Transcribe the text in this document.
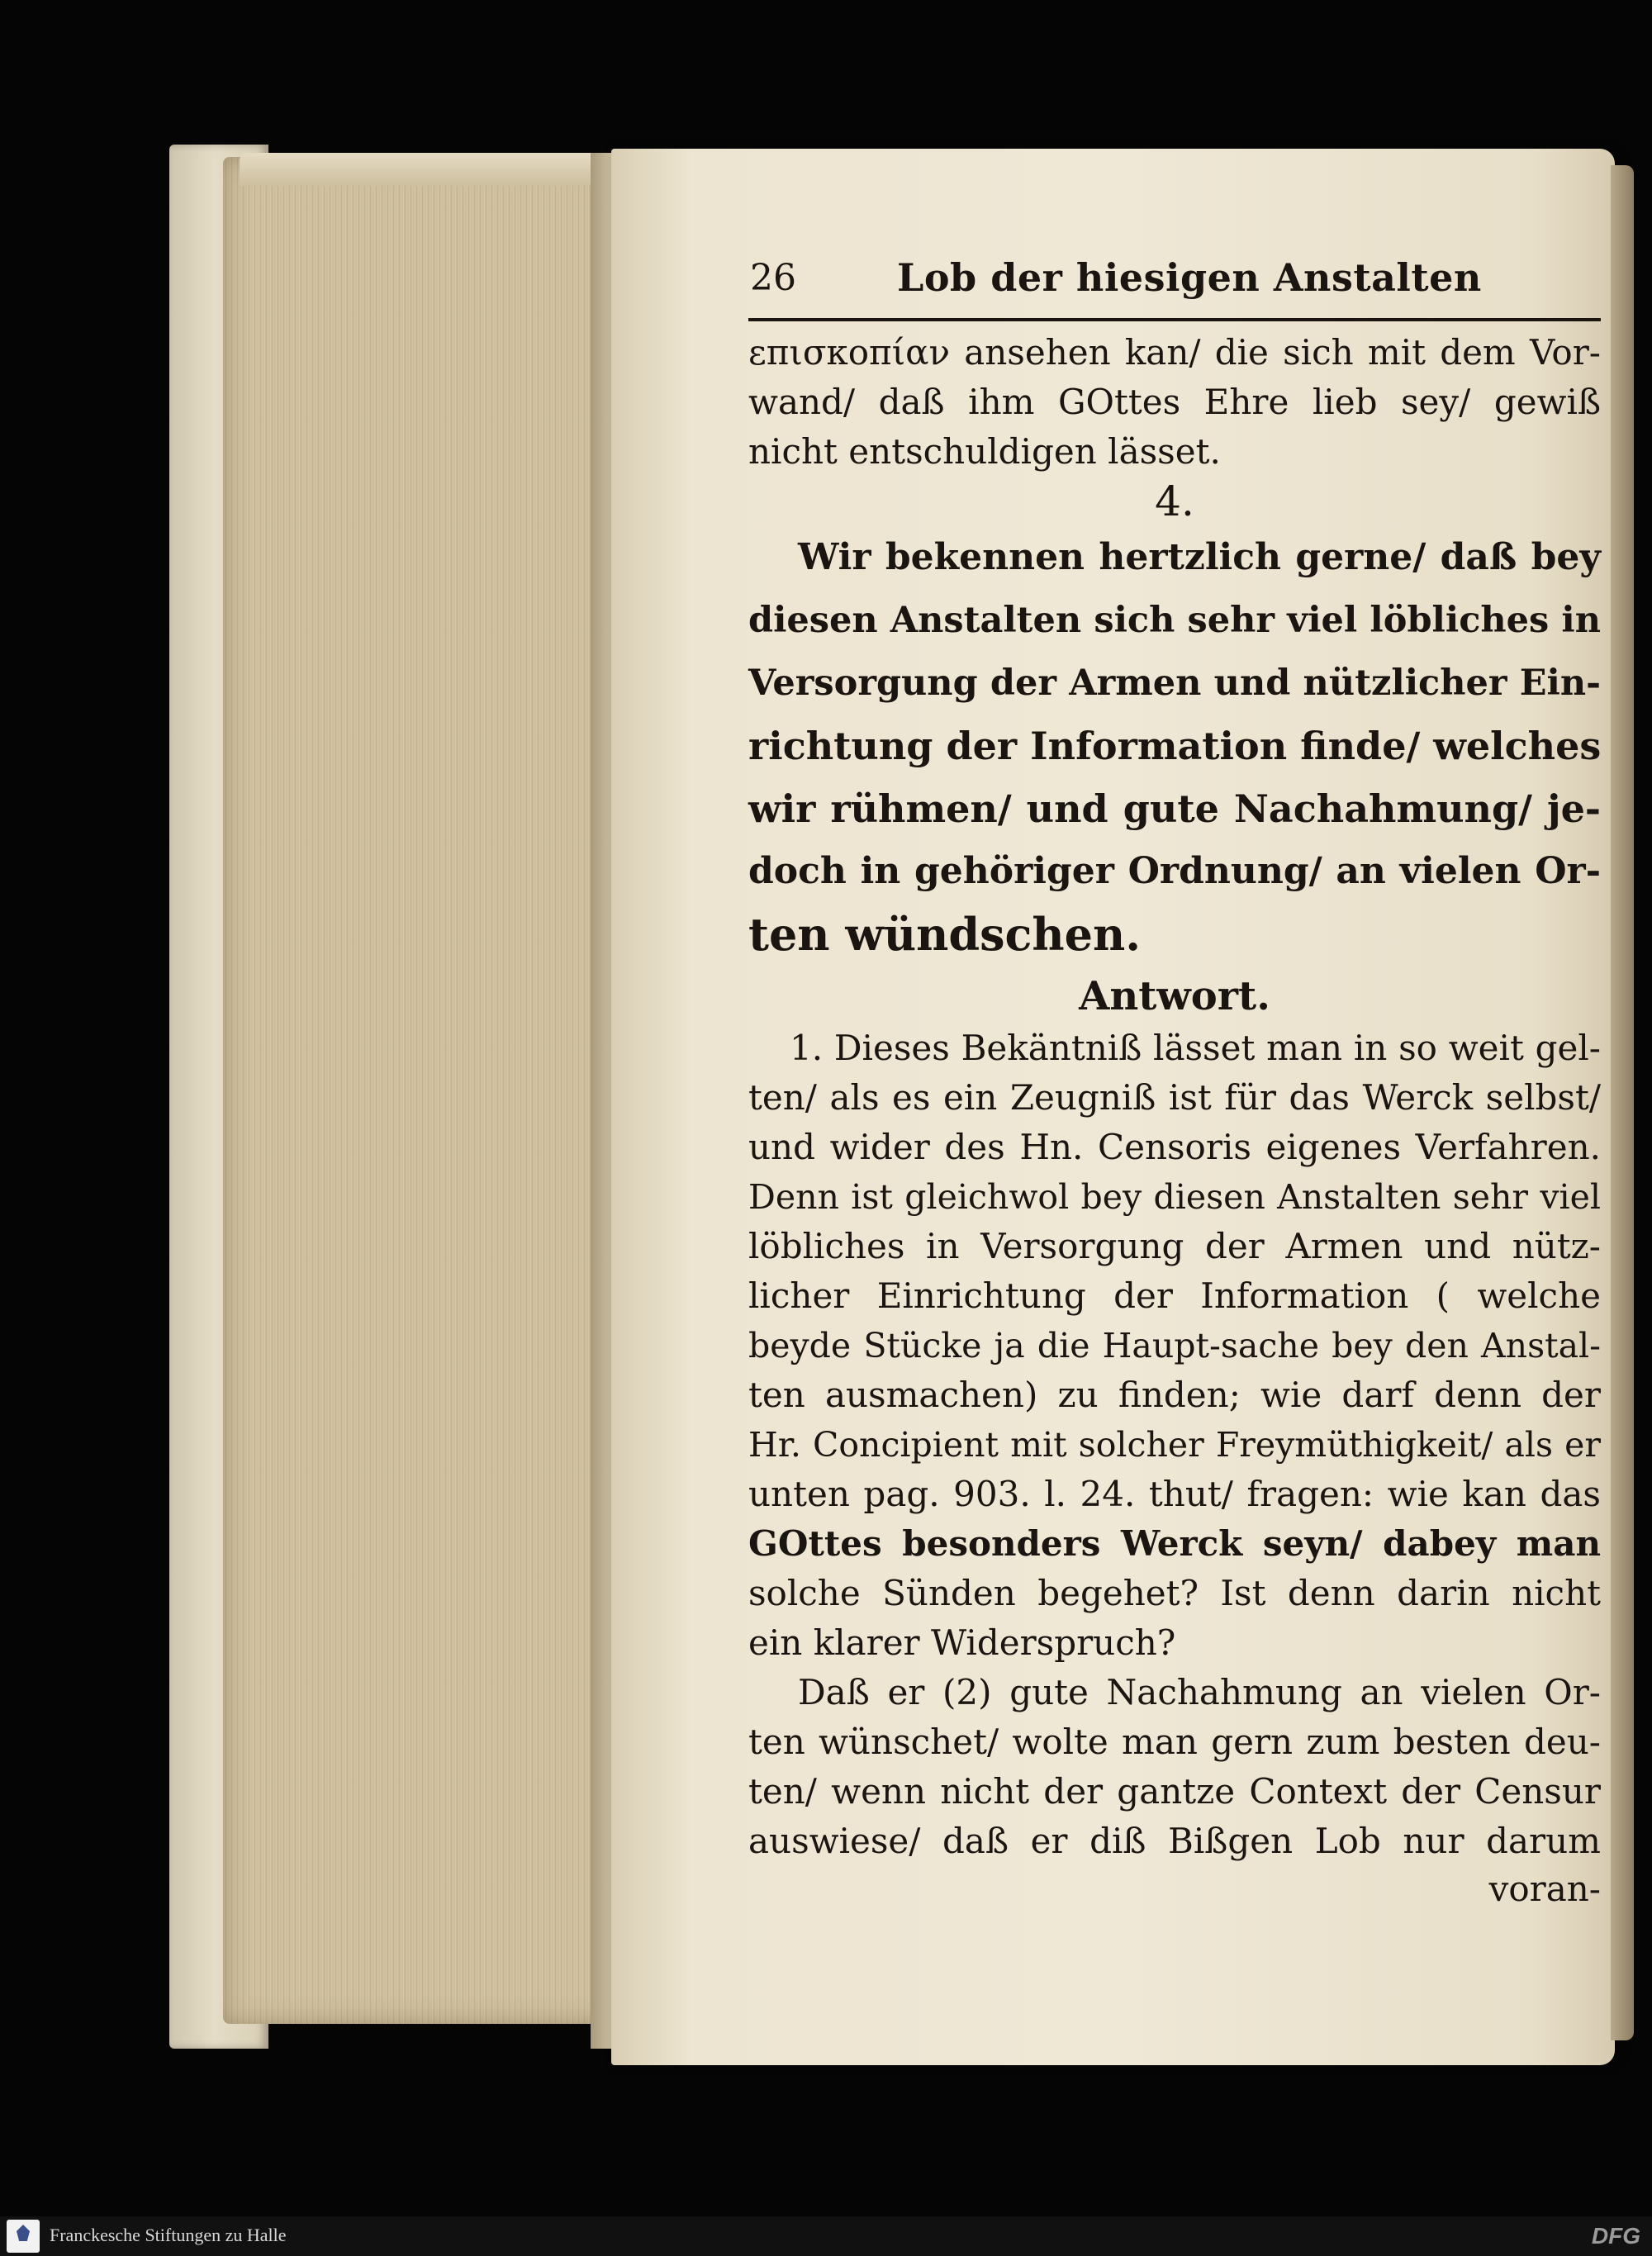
26	Lob der hiesigen Anstalten
επισκοπίαν ansehen kan/ die sich mit dem Vor-
wand/ daß ihm GOttes Ehre lieb sey/ gewiß
nicht entschuldigen lässet.
4.
Wir bekennen hertzlich gerne/ daß bey
diesen Anstalten sich sehr viel löbliches in
Versorgung der Armen und nützlicher Ein-
richtung der Information finde/ welches
wir rühmen/ und gute Nachahmung/ je-
doch in gehöriger Ordnung/ an vielen Or-
ten wündschen.
Antwort.
1. Dieses Bekäntniß lässet man in so weit gel-
ten/ als es ein Zeugniß ist für das Werck selbst/
und wider des Hn. Censoris eigenes Verfahren.
Denn ist gleichwol bey diesen Anstalten sehr viel
löbliches in Versorgung der Armen und nütz-
licher Einrichtung der Information ( welche
beyde Stücke ja die Haupt-sache bey den Anstal-
ten ausmachen) zu finden; wie darf denn der
Hr. Concipient mit solcher Freymüthigkeit/ als er
unten pag. 903. l. 24. thut/ fragen: wie kan das
GOttes besonders Werck seyn/ dabey man
solche Sünden begehet? Ist denn darin nicht
ein klarer Widerspruch?
Daß er (2) gute Nachahmung an vielen Or-
ten wünschet/ wolte man gern zum besten deu-
ten/ wenn nicht der gantze Context der Censur
auswiese/ daß er diß Bißgen Lob nur darum
voran-
Franckesche Stiftungen zu Halle	DFG
